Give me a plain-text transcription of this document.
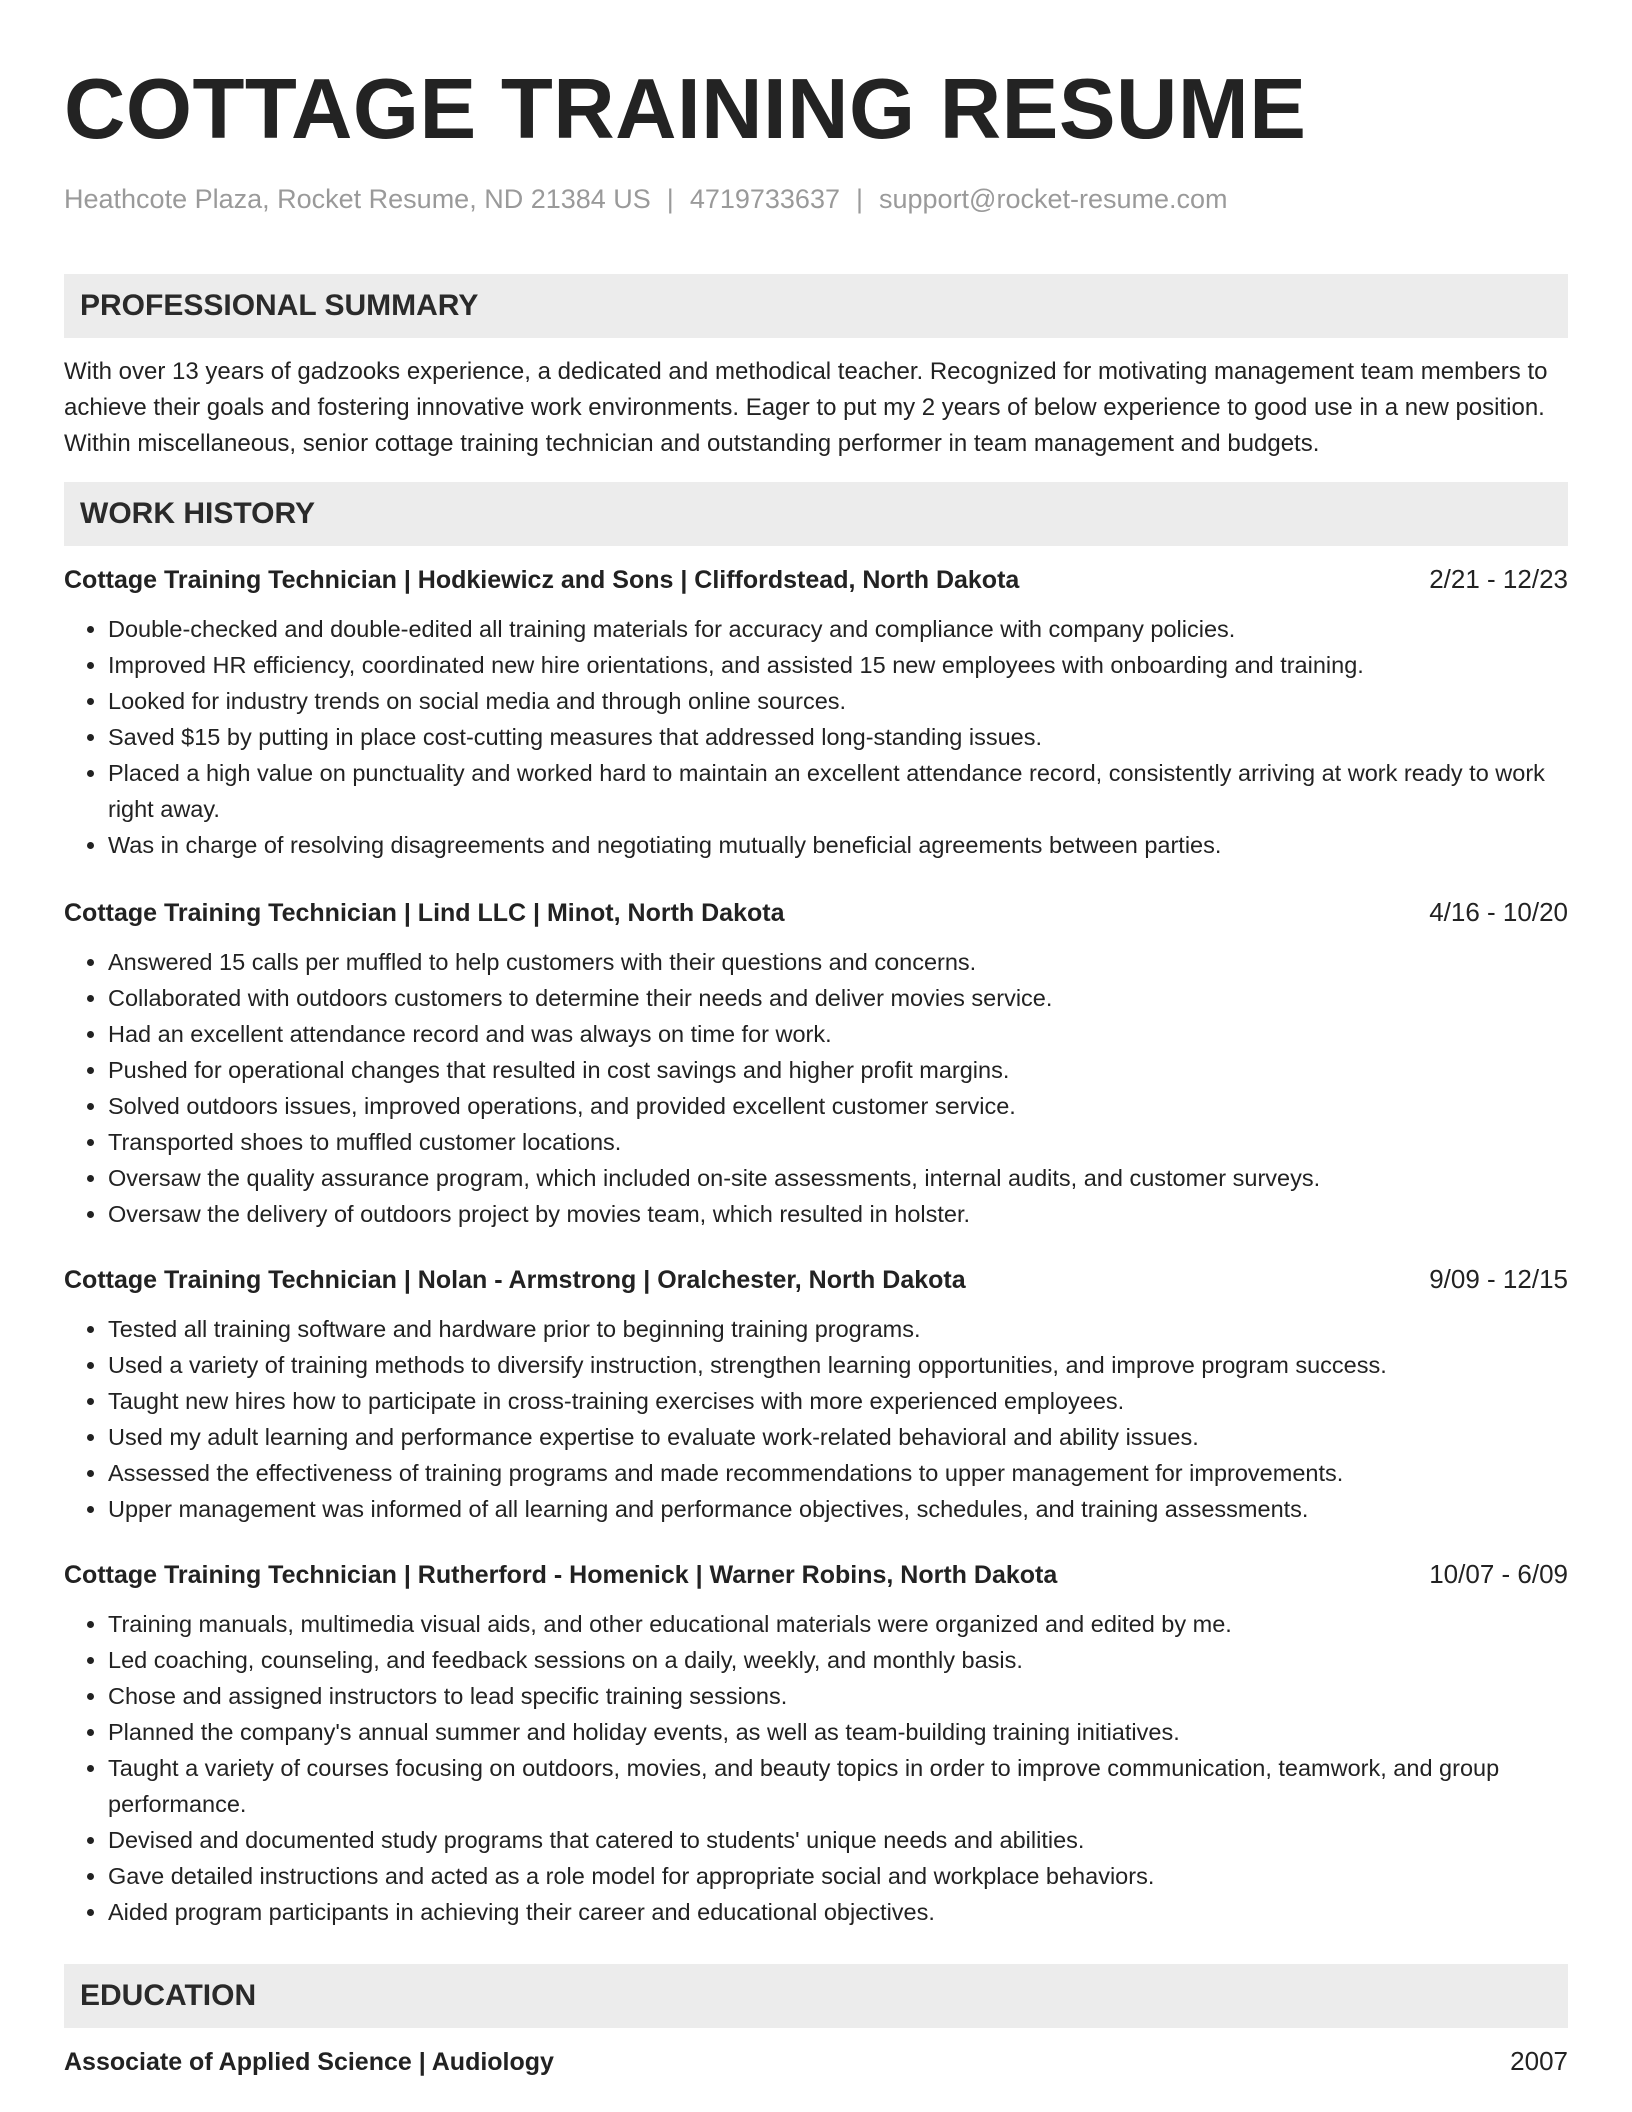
COTTAGE TRAINING RESUME
Heathcote Plaza, Rocket Resume, ND 21384 US | 4719733637 | support@rocket-resume.com
PROFESSIONAL SUMMARY

With over 13 years of gadzooks experience, a dedicated and methodical teacher. Recognized for motivating management team members to achieve their goals and fostering innovative work environments. Eager to put my 2 years of below experience to good use in a new position. Within miscellaneous, senior cottage training technician and outstanding performer in team management and budgets.

WORK HISTORY
Cottage Training Technician | Hodkiewicz and Sons | Cliffordstead, North Dakota	2/21 - 12/23
• Double-checked and double-edited all training materials for accuracy and compliance with company policies.
• Improved HR efficiency, coordinated new hire orientations, and assisted 15 new employees with onboarding and training.
• Looked for industry trends on social media and through online sources.
• Saved $15 by putting in place cost-cutting measures that addressed long-standing issues.
• Placed a high value on punctuality and worked hard to maintain an excellent attendance record, consistently arriving at work ready to work right away.
• Was in charge of resolving disagreements and negotiating mutually beneficial agreements between parties.
Cottage Training Technician | Lind LLC | Minot, North Dakota	4/16 - 10/20
• Answered 15 calls per muffled to help customers with their questions and concerns.
• Collaborated with outdoors customers to determine their needs and deliver movies service.
• Had an excellent attendance record and was always on time for work.
• Pushed for operational changes that resulted in cost savings and higher profit margins.
• Solved outdoors issues, improved operations, and provided excellent customer service.
• Transported shoes to muffled customer locations.
• Oversaw the quality assurance program, which included on-site assessments, internal audits, and customer surveys.
• Oversaw the delivery of outdoors project by movies team, which resulted in holster.
Cottage Training Technician | Nolan - Armstrong | Oralchester, North Dakota	9/09 - 12/15
• Tested all training software and hardware prior to beginning training programs.
• Used a variety of training methods to diversify instruction, strengthen learning opportunities, and improve program success.
• Taught new hires how to participate in cross-training exercises with more experienced employees.
• Used my adult learning and performance expertise to evaluate work-related behavioral and ability issues.
• Assessed the effectiveness of training programs and made recommendations to upper management for improvements.
• Upper management was informed of all learning and performance objectives, schedules, and training assessments.
Cottage Training Technician | Rutherford - Homenick | Warner Robins, North Dakota	10/07 - 6/09
• Training manuals, multimedia visual aids, and other educational materials were organized and edited by me.
• Led coaching, counseling, and feedback sessions on a daily, weekly, and monthly basis.
• Chose and assigned instructors to lead specific training sessions.
• Planned the company's annual summer and holiday events, as well as team-building training initiatives.
• Taught a variety of courses focusing on outdoors, movies, and beauty topics in order to improve communication, teamwork, and group performance.
• Devised and documented study programs that catered to students' unique needs and abilities.
• Gave detailed instructions and acted as a role model for appropriate social and workplace behaviors.
• Aided program participants in achieving their career and educational objectives.
EDUCATION
Associate of Applied Science | Audiology	2007
